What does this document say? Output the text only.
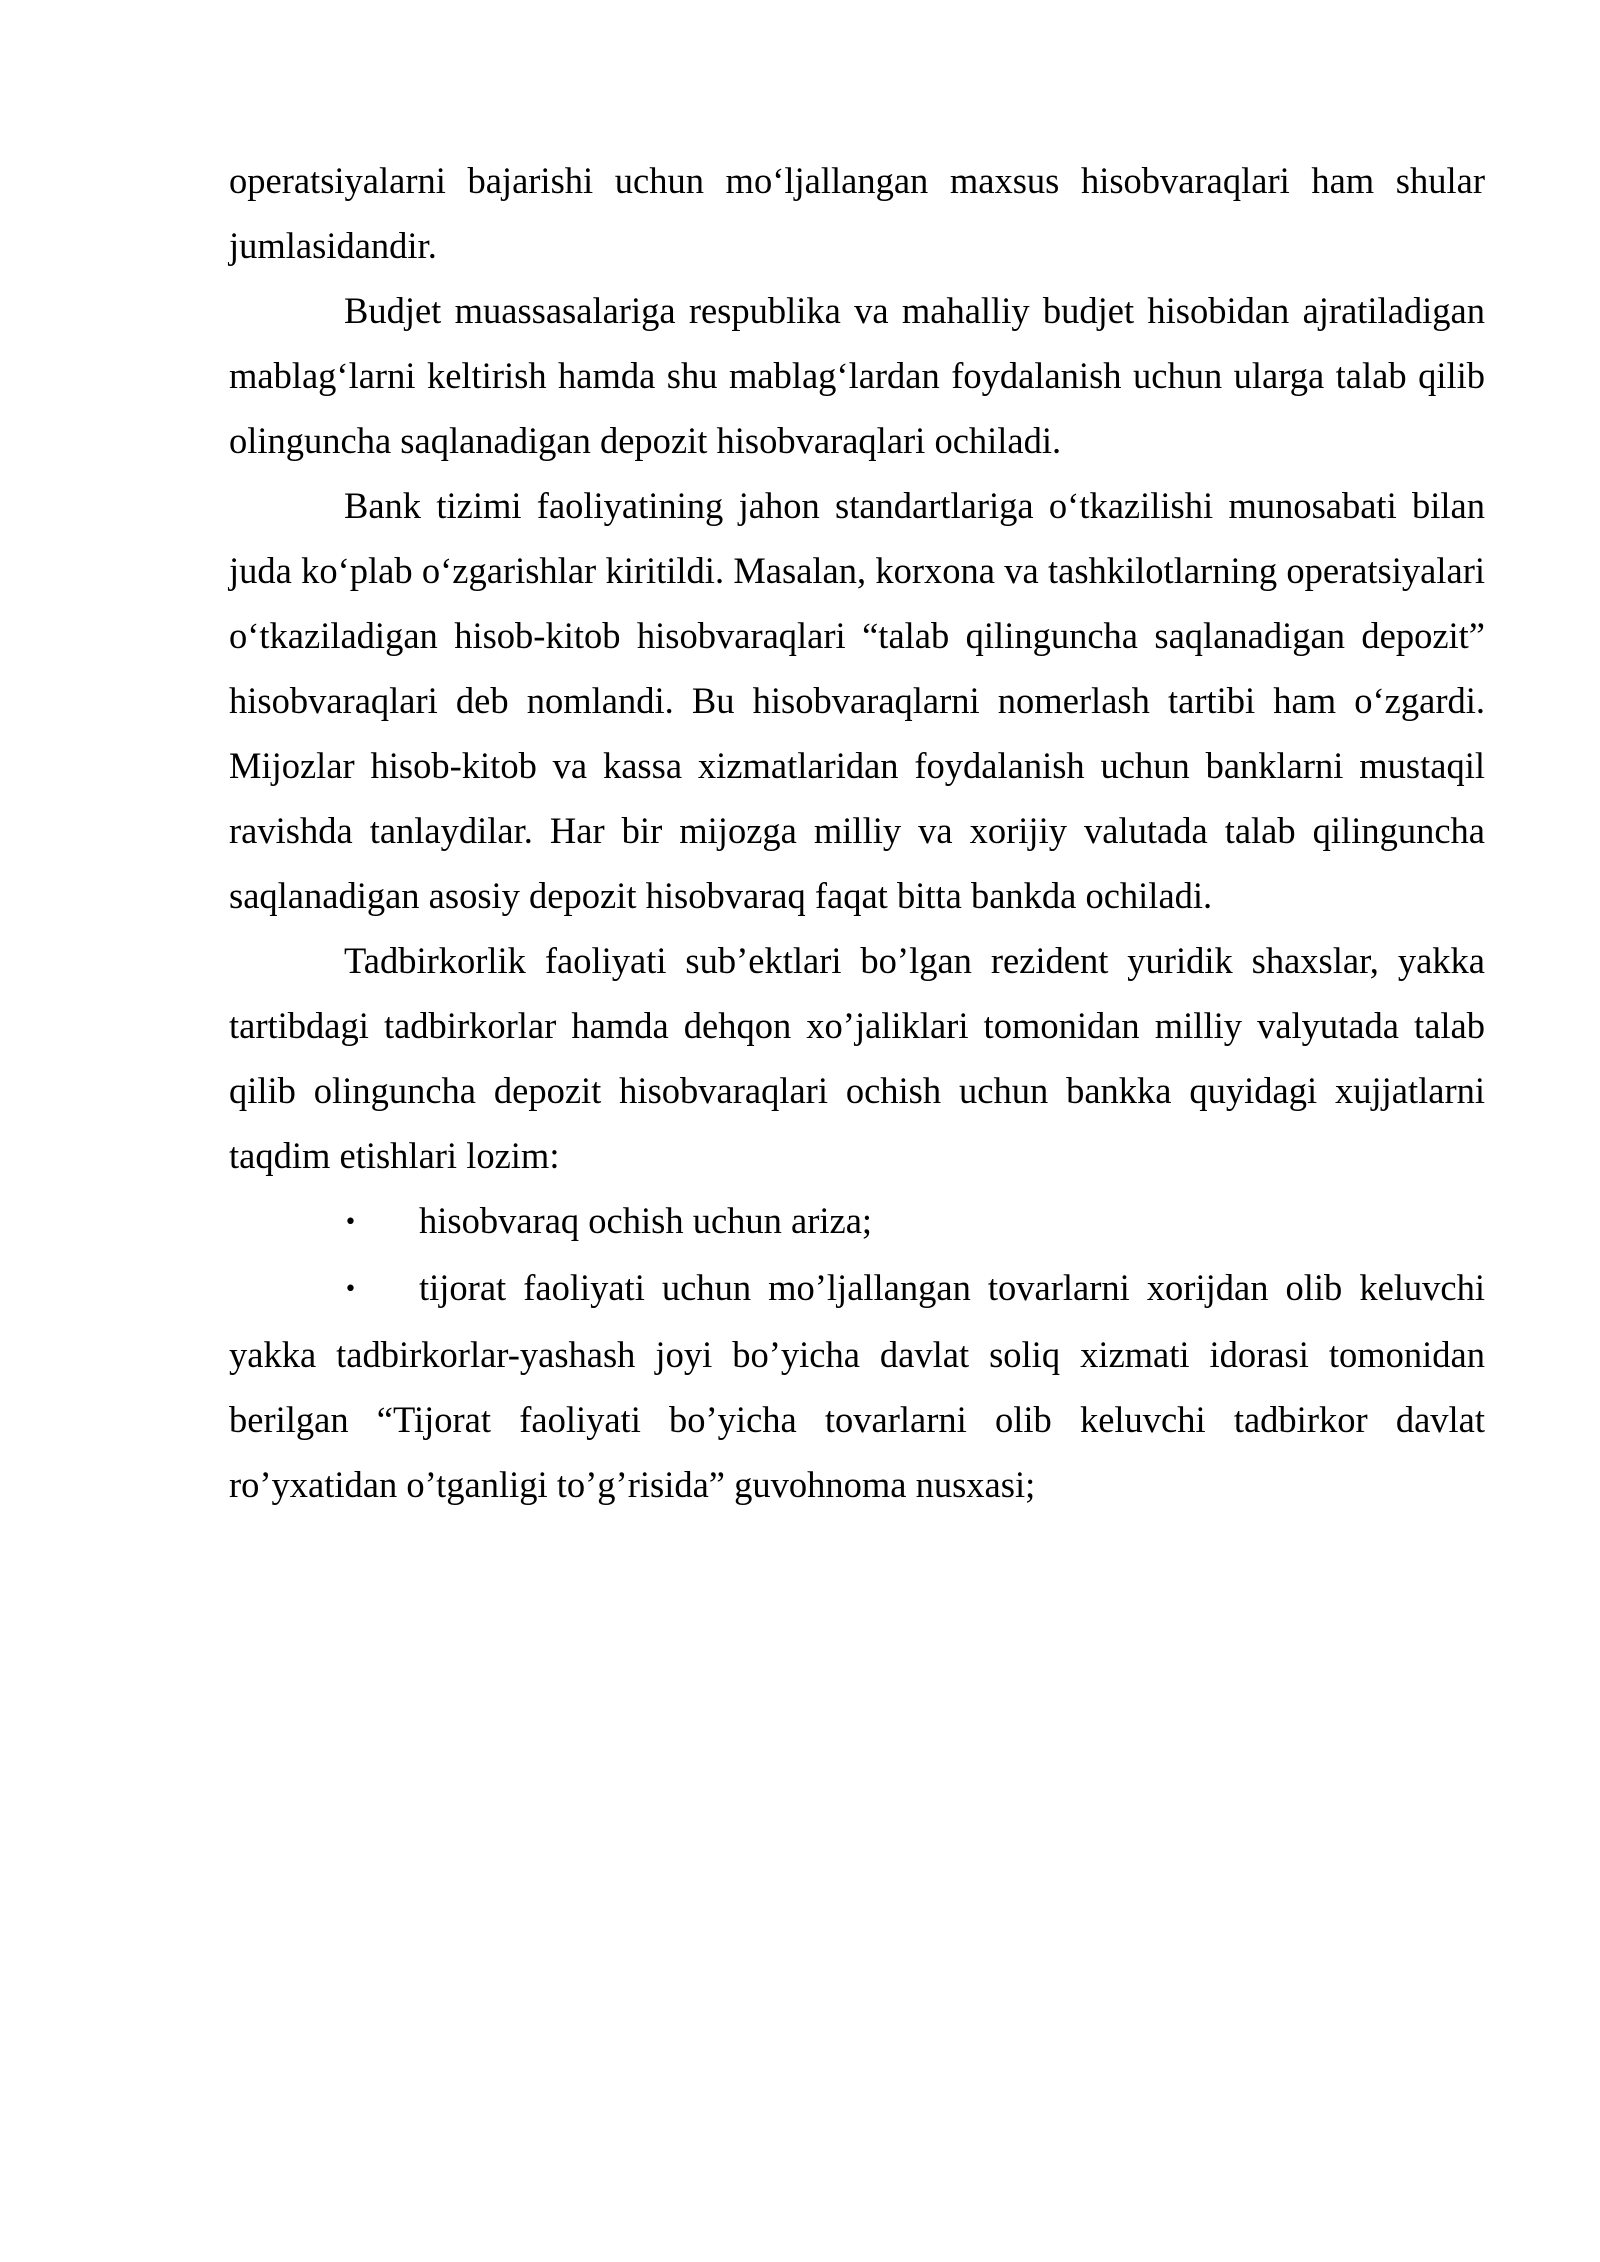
operatsiyalarni bajarishi uchun mo‘ljallangan maxsus hisobvaraqlari ham shular jumlasidandir.

Budjet muassasalariga respublika va mahalliy budjet hisobidan ajratiladigan mablag‘larni keltirish hamda shu mablag‘lardan foydalanish uchun ularga talab qilib olinguncha saqlanadigan depozit hisobvaraqlari ochiladi.

Bank tizimi faoliyatining jahon standartlariga o‘tkazilishi munosabati bilan juda ko‘plab o‘zgarishlar kiritildi. Masalan, korxona va tashkilotlarning operatsiyalari o‘tkaziladigan hisob-kitob hisobvaraqlari “talab qilinguncha saqlanadigan depozit” hisobvaraqlari deb nomlandi. Bu hisobvaraqlarni nomerlash tartibi ham o‘zgardi. Mijozlar hisob-kitob va kassa xizmatlaridan foydalanish uchun banklarni mustaqil ravishda tanlaydilar. Har bir mijozga milliy va xorijiy valutada talab qilinguncha saqlanadigan asosiy depozit hisobvaraq faqat bitta bankda ochiladi.

Tadbirkorlik faoliyati sub’ektlari bo’lgan rezident yuridik shaxslar, yakka tartibdagi tadbirkorlar hamda dehqon xo’jaliklari tomonidan milliy valyutada talab qilib olinguncha depozit hisobvaraqlari ochish uchun bankka quyidagi xujjatlarni taqdim etishlari lozim:

• hisobvaraq ochish uchun ariza;

• tijorat faoliyati uchun mo’ljallangan tovarlarni xorijdan olib keluvchi yakka tadbirkorlar-yashash joyi bo’yicha davlat soliq xizmati idorasi tomonidan berilgan “Tijorat faoliyati bo’yicha tovarlarni olib keluvchi tadbirkor davlat ro’yxatidan o’tganligi to’g’risida” guvohnoma nusxasi;
